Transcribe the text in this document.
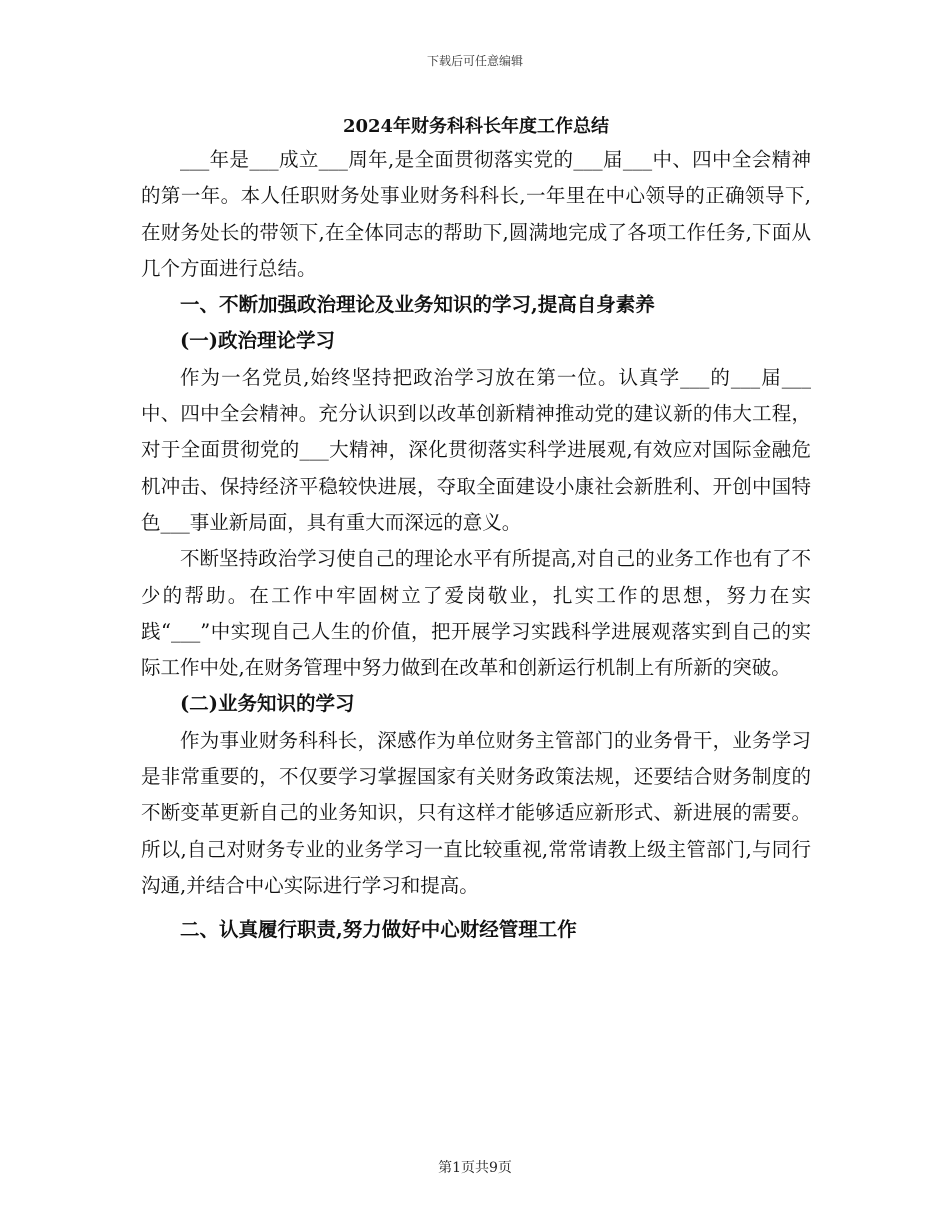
下载后可任意编辑
2024年财务科科长年度工作总结

___年是___成立___周年,是全面贯彻落实党的___届___中、四中全会精神的第一年。本人任职财务处事业财务科科长,一年里在中心领导的正确领导下,在财务处长的带领下,在全体同志的帮助下,圆满地完成了各项工作任务,下面从几个方面进行总结。

一、不断加强政治理论及业务知识的学习,提高自身素养

(一)政治理论学习

作为一名党员,始终坚持把政治学习放在第一位。认真学___的___届___中、四中全会精神。充分认识到以改革创新精神推动党的建议新的伟大工程，对于全面贯彻党的___大精神，深化贯彻落实科学进展观,有效应对国际金融危机冲击、保持经济平稳较快进展，夺取全面建设小康社会新胜利、开创中国特色___事业新局面，具有重大而深远的意义。

不断坚持政治学习使自己的理论水平有所提高,对自己的业务工作也有了不少的帮助。在工作中牢固树立了爱岗敬业，扎实工作的思想，努力在实践“___”中实现自己人生的价值，把开展学习实践科学进展观落实到自己的实际工作中处,在财务管理中努力做到在改革和创新运行机制上有所新的突破。

(二)业务知识的学习

作为事业财务科科长，深感作为单位财务主管部门的业务骨干，业务学习是非常重要的，不仅要学习掌握国家有关财务政策法规，还要结合财务制度的不断变革更新自己的业务知识，只有这样才能够适应新形式、新进展的需要。所以,自己对财务专业的业务学习一直比较重视,常常请教上级主管部门,与同行沟通,并结合中心实际进行学习和提高。

二、认真履行职责,努力做好中心财经管理工作

第1页共9页
